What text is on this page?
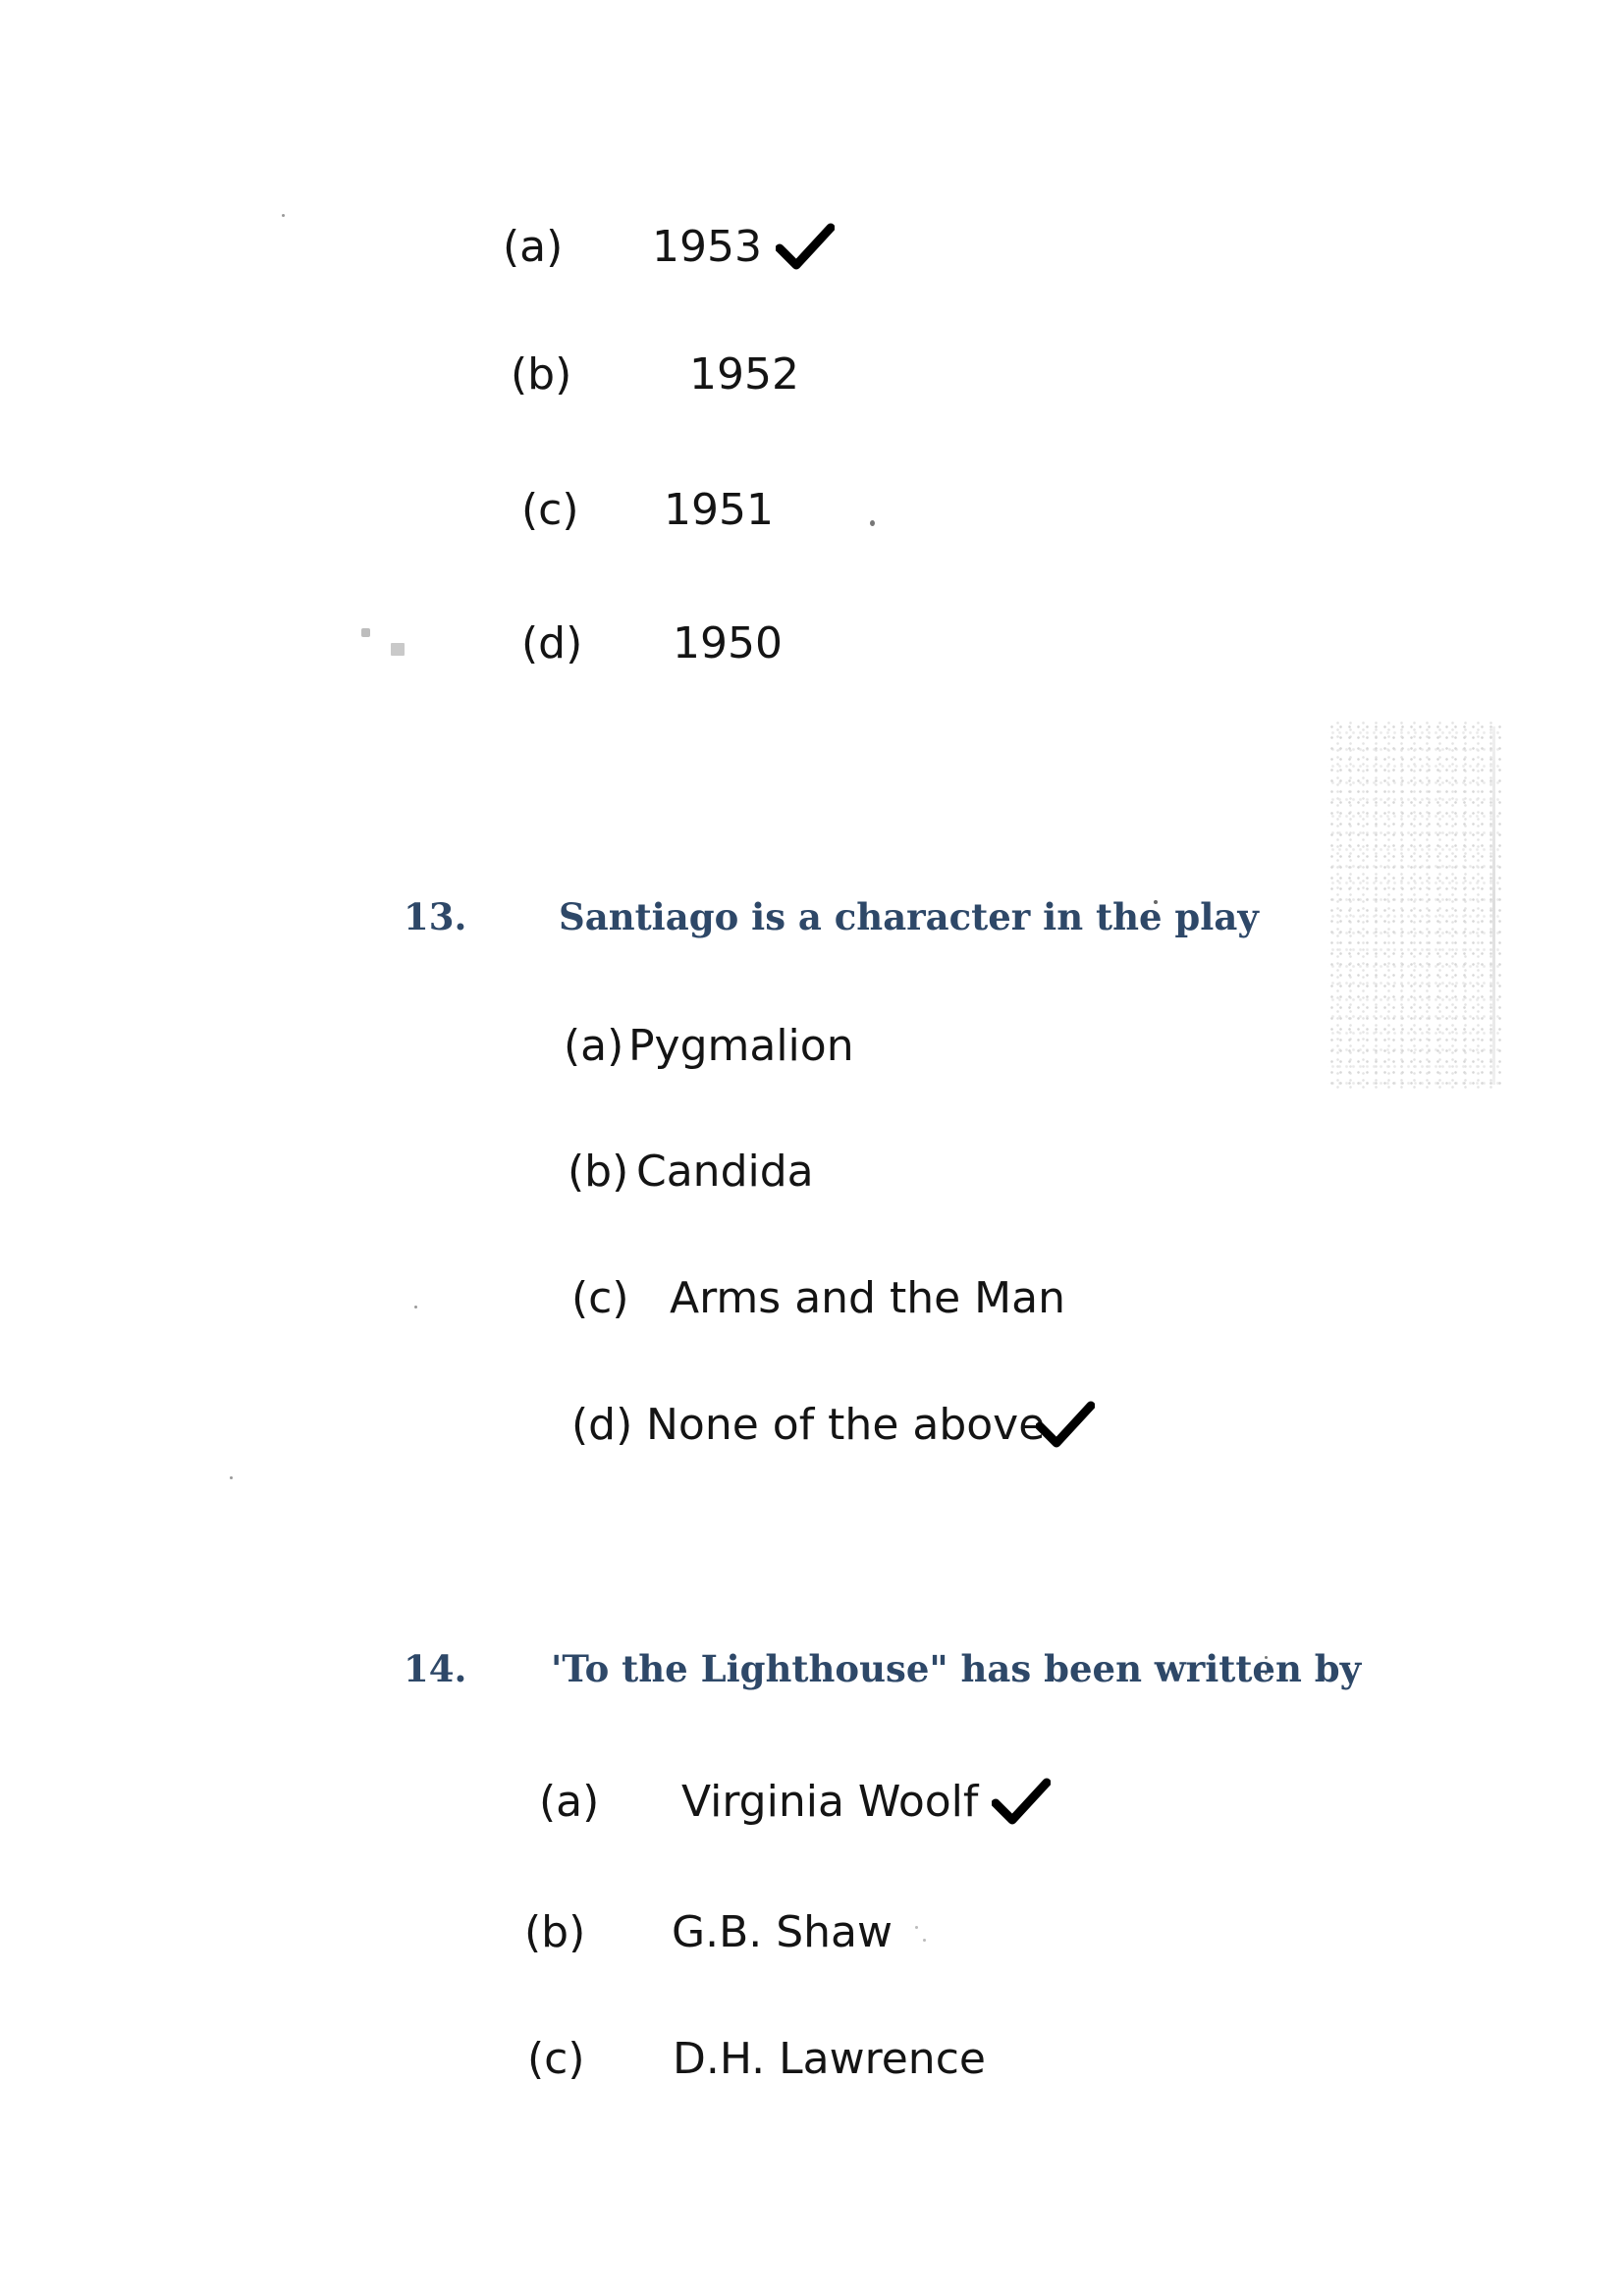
(a) 1953
(b)	1952
(c) 1951
(d) 1950
13.	Santiago is a character in the play
(a) Pygmalion
(b) Candida
(c) Arms and the Man
(d) None of the above
14. 'To the Lighthouse" has been written by
(a) Virginia Woolf
(b) G.B. Shaw
(c) D.H. Lawrence
